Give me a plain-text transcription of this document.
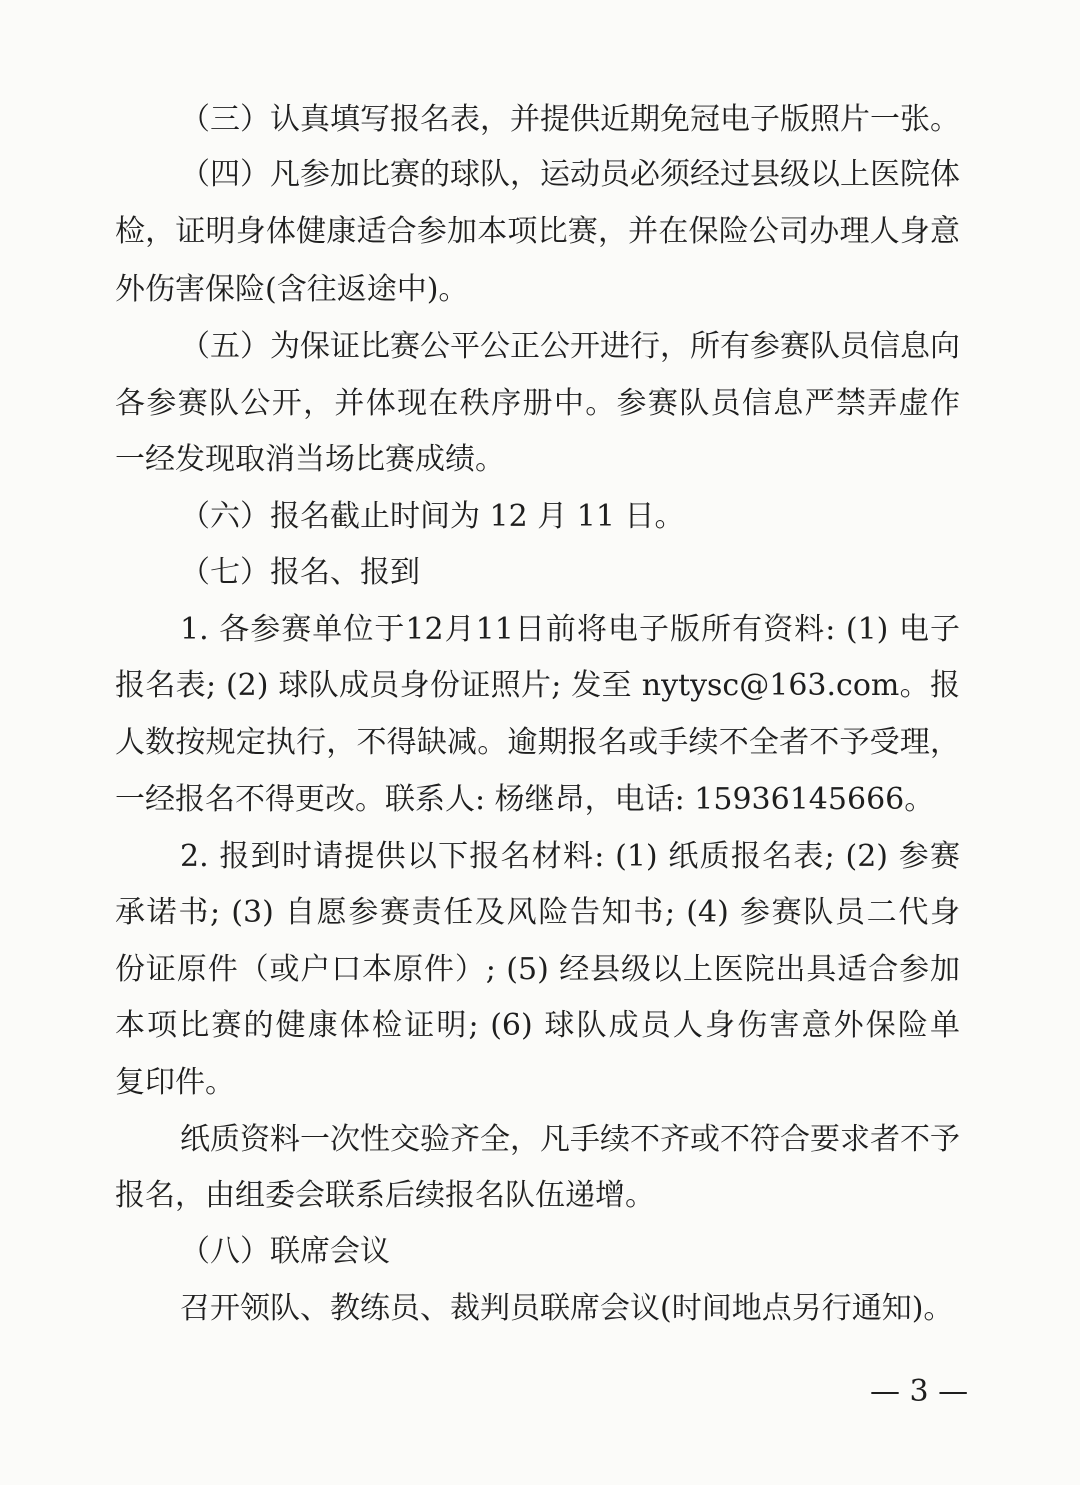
（三）认真填写报名表，并提供近期免冠电子版照片一张。
（四）凡参加比赛的球队，运动员必须经过县级以上医院体
检，证明身体健康适合参加本项比赛，并在保险公司办理人身意
外伤害保险(含往返途中)。
（五）为保证比赛公平公正公开进行，所有参赛队员信息向
各参赛队公开，并体现在秩序册中。参赛队员信息严禁弄虚作
一经发现取消当场比赛成绩。
（六）报名截止时间为 12 月 11 日。
（七）报名、报到
1. 各参赛单位于12月11日前将电子版所有资料: (1) 电子
报名表; (2) 球队成员身份证照片; 发至 nytysc@163.com。报
人数按规定执行，不得缺减。逾期报名或手续不全者不予受理，
一经报名不得更改。联系人: 杨继昂，电话: 15936145666。
2. 报到时请提供以下报名材料: (1) 纸质报名表; (2) 参赛
承诺书; (3) 自愿参赛责任及风险告知书; (4) 参赛队员二代身
份证原件（或户口本原件）; (5) 经县级以上医院出具适合参加
本项比赛的健康体检证明; (6) 球队成员人身伤害意外保险单
复印件。
纸质资料一次性交验齐全，凡手续不齐或不符合要求者不予
报名，由组委会联系后续报名队伍递增。
（八）联席会议
召开领队、教练员、裁判员联席会议(时间地点另行通知)。
— 3 —
